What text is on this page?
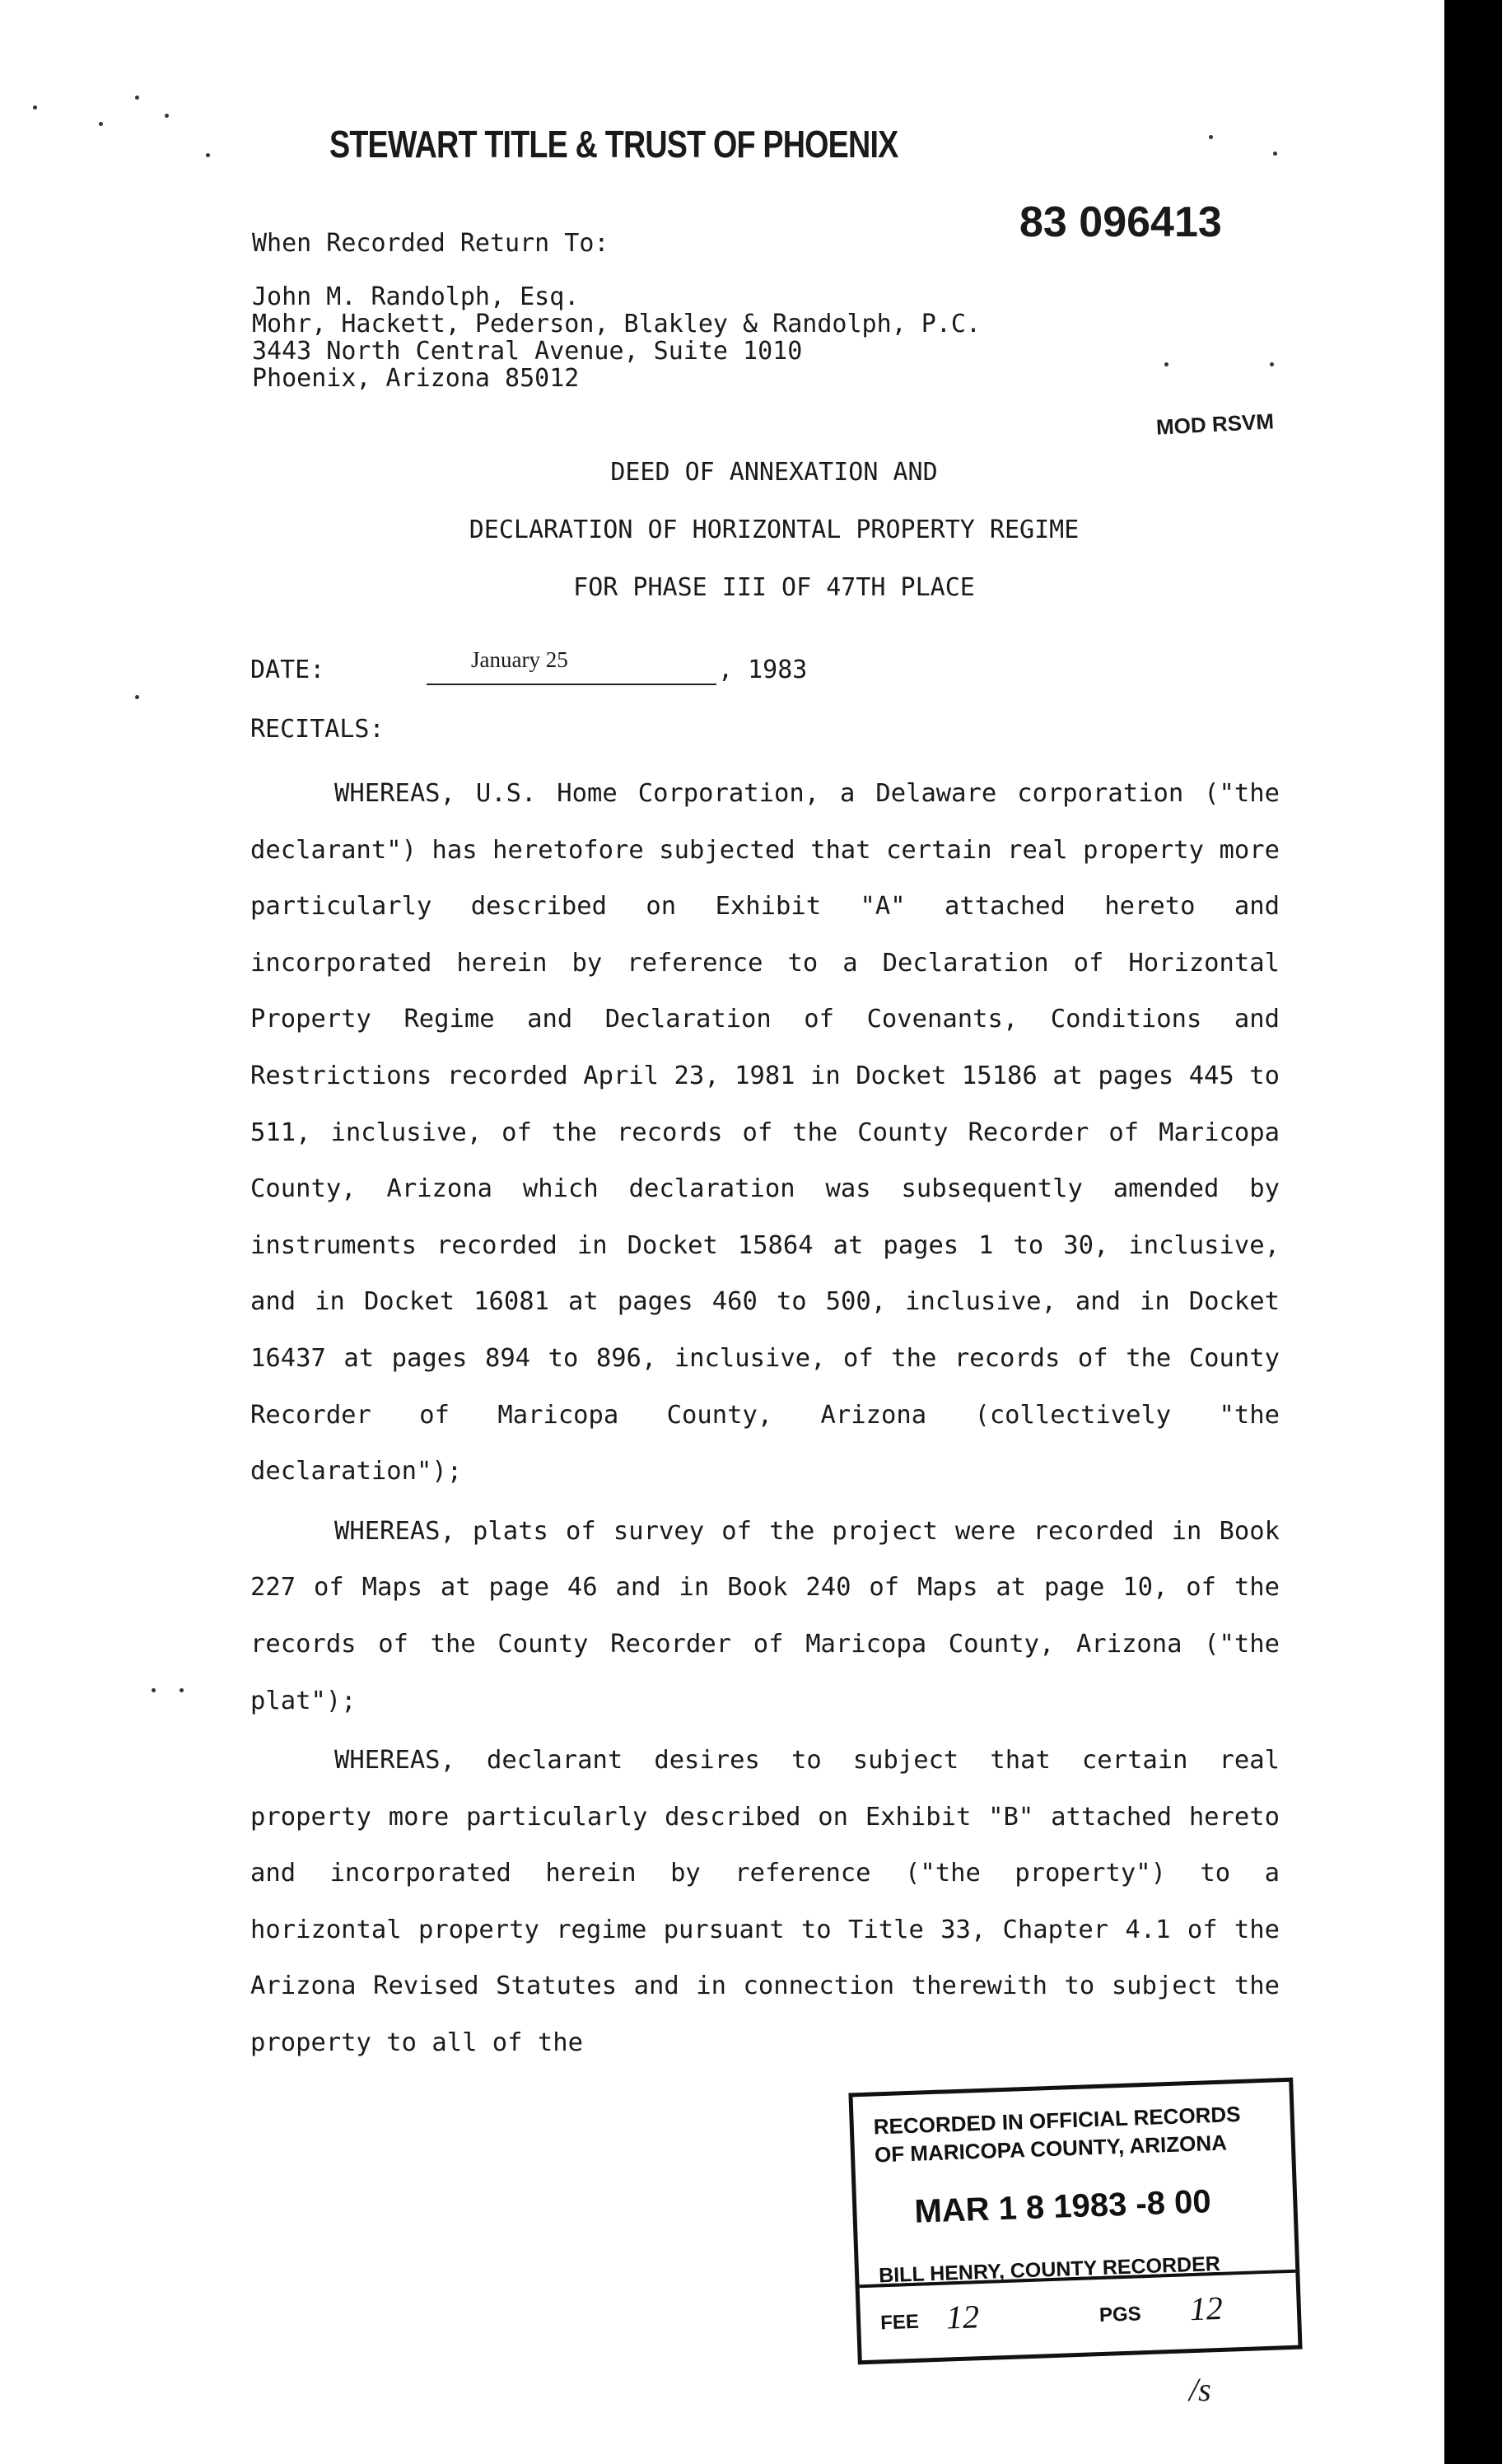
STEWART TITLE & TRUST OF PHOENIX
83 096413
When Recorded Return To:
John M. Randolph, Esq.
Mohr, Hackett, Pederson, Blakley & Randolph, P.C.
3443 North Central Avenue, Suite 1010
Phoenix, Arizona 85012
MOD RSVM
DEED OF ANNEXATION AND
DECLARATION OF HORIZONTAL PROPERTY REGIME
FOR PHASE III OF 47TH PLACE
DATE:	January 25	, 1983
RECITALS:

WHEREAS, U.S. Home Corporation, a Delaware corporation ("the declarant") has heretofore subjected that certain real property more particularly described on Exhibit "A" attached hereto and incorporated herein by reference to a Declaration of Horizontal Property Regime and Declaration of Covenants, Conditions and Restrictions recorded April 23, 1981 in Docket 15186 at pages 445 to 511, inclusive, of the records of the County Recorder of Maricopa County, Arizona which declaration was subsequently amended by instruments recorded in Docket 15864 at pages 1 to 30, inclusive, and in Docket 16081 at pages 460 to 500, inclusive, and in Docket 16437 at pages 894 to 896, inclusive, of the records of the County Recorder of Maricopa County, Arizona (collectively "the declaration");

WHEREAS, plats of survey of the project were recorded in Book 227 of Maps at page 46 and in Book 240 of Maps at page 10, of the records of the County Recorder of Maricopa County, Arizona ("the plat");

WHEREAS, declarant desires to subject that certain real property more particularly described on Exhibit "B" attached hereto and incorporated herein by reference ("the property") to a horizontal property regime pursuant to Title 33, Chapter 4.1 of the Arizona Revised Statutes and in connection therewith to subject the property to all of the

RECORDED IN OFFICIAL RECORDS
OF MARICOPA COUNTY, ARIZONA
MAR 1 8 1983 -8 00
BILL HENRY, COUNTY RECORDER
FEE 12	PGS 12
/s
